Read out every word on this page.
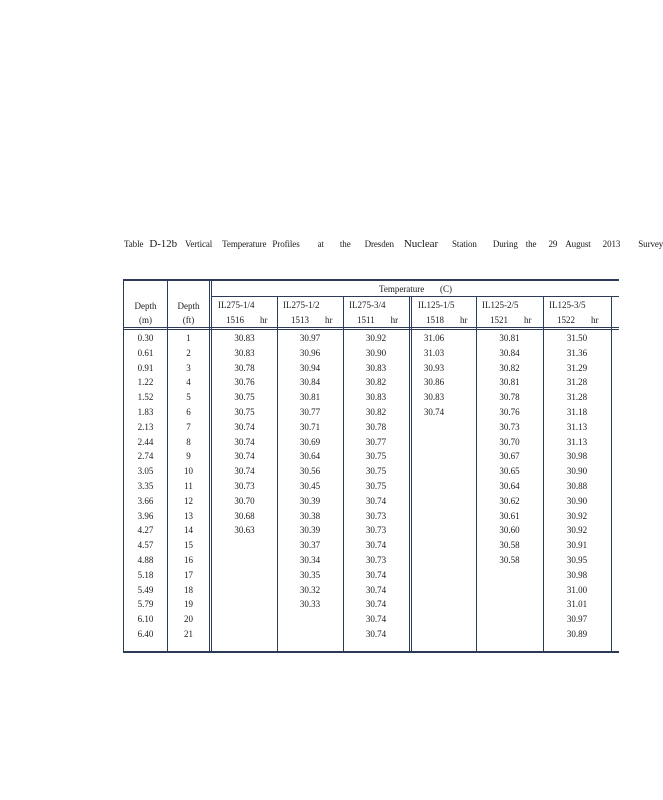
Table D-12b Vertical Temperature Profiles at the Dresden Nuclear Station During the 29 August 2013 Survey
Temperature (C)
Depth
(m)
Depth
(ft)
IL275-1/4
1516 hr
IL275-1/2
1513 hr
IL275-3/4
1511 hr
IL125-1/5
1518 hr
IL125-2/5
1521 hr
IL125-3/5
1522 hr
0.30
0.61
0.91
1.22
1.52
1.83
2.13
2.44
2.74
3.05
3.35
3.66
3.96
4.27
4.57
4.88
5.18
5.49
5.79
6.10
6.40
1
2
3
4
5
6
7
8
9
10
11
12
13
14
15
16
17
18
19
20
21
30.83
30.83
30.78
30.76
30.75
30.75
30.74
30.74
30.74
30.74
30.73
30.70
30.68
30.63
30.97
30.96
30.94
30.84
30.81
30.77
30.71
30.69
30.64
30.56
30.45
30.39
30.38
30.39
30.37
30.34
30.35
30.32
30.33
30.92
30.90
30.83
30.82
30.83
30.82
30.78
30.77
30.75
30.75
30.75
30.74
30.73
30.73
30.74
30.73
30.74
30.74
30.74
30.74
30.74
31.06
31.03
30.93
30.86
30.83
30.74
30.81
30.84
30.82
30.81
30.78
30.76
30.73
30.70
30.67
30.65
30.64
30.62
30.61
30.60
30.58
30.58
31.50
31.36
31.29
31.28
31.28
31.18
31.13
31.13
30.98
30.90
30.88
30.90
30.92
30.92
30.91
30.95
30.98
31.00
31.01
30.97
30.89
